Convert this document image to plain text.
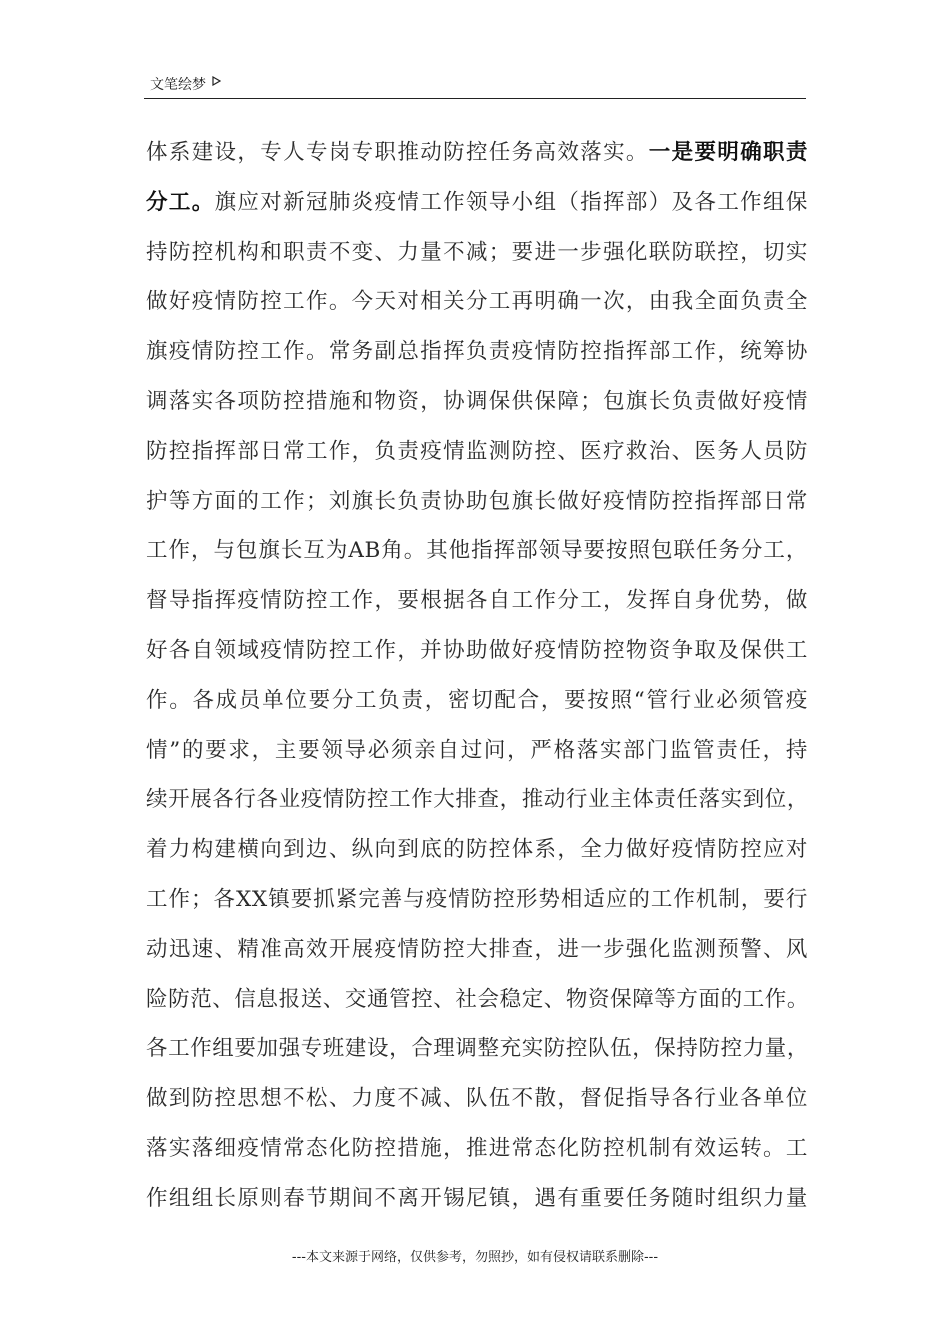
文笔绘梦
体系建设，专人专岗专职推动防控任务高效落实。一是要明确职责
分工。旗应对新冠肺炎疫情工作领导小组（指挥部）及各工作组保
持防控机构和职责不变、力量不减；要进一步强化联防联控，切实
做好疫情防控工作。今天对相关分工再明确一次，由我全面负责全
旗疫情防控工作。常务副总指挥负责疫情防控指挥部工作，统筹协
调落实各项防控措施和物资，协调保供保障；包旗长负责做好疫情
防控指挥部日常工作，负责疫情监测防控、医疗救治、医务人员防
护等方面的工作；刘旗长负责协助包旗长做好疫情防控指挥部日常
工作，与包旗长互为AB角。其他指挥部领导要按照包联任务分工，
督导指挥疫情防控工作，要根据各自工作分工，发挥自身优势，做
好各自领域疫情防控工作，并协助做好疫情防控物资争取及保供工
作。各成员单位要分工负责，密切配合，要按照“管行业必须管疫
情”的要求，主要领导必须亲自过问，严格落实部门监管责任，持
续开展各行各业疫情防控工作大排查，推动行业主体责任落实到位，
着力构建横向到边、纵向到底的防控体系，全力做好疫情防控应对
工作；各XX镇要抓紧完善与疫情防控形势相适应的工作机制，要行
动迅速、精准高效开展疫情防控大排查，进一步强化监测预警、风
险防范、信息报送、交通管控、社会稳定、物资保障等方面的工作。
各工作组要加强专班建设，合理调整充实防控队伍，保持防控力量，
做到防控思想不松、力度不减、队伍不散，督促指导各行业各单位
落实落细疫情常态化防控措施，推进常态化防控机制有效运转。工
作组组长原则春节期间不离开锡尼镇，遇有重要任务随时组织力量
---本文来源于网络，仅供参考，勿照抄，如有侵权请联系删除---
